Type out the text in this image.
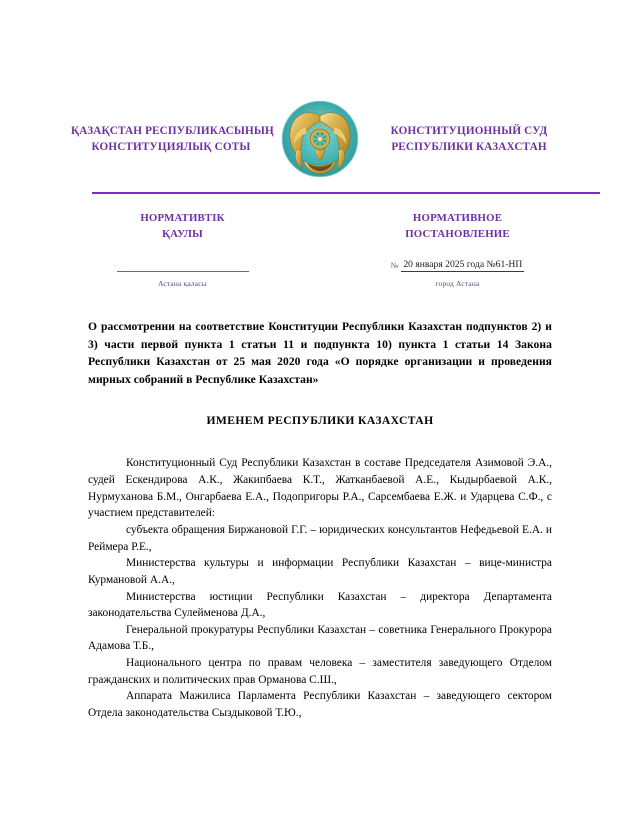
ҚАЗАҚСТАН РЕСПУБЛИКАСЫНЫҢ
КОНСТИТУЦИЯЛЫҚ СОТЫ
КОНСТИТУЦИОННЫЙ СУД
РЕСПУБЛИКИ КАЗАХСТАН
НОРМАТИВТІК
ҚАУЛЫ
Астана қаласы
НОРМАТИВНОЕ
ПОСТАНОВЛЕНИЕ
№ 20 января 2025 года №61-НП
город Астана
О рассмотрении на соответствие Конституции Республики Казахстан подпунктов 2) и 3) части первой пункта 1 статьи 11 и подпункта 10) пункта 1 статьи 14 Закона Республики Казахстан от 25 мая 2020 года «О порядке организации и проведения мирных собраний в Республике Казахстан»
ИМЕНЕМ РЕСПУБЛИКИ КАЗАХСТАН

Конституционный Суд Республики Казахстан в составе Председателя Азимовой Э.А., судей Ескендирова А.К., Жакипбаева К.Т., Жатканбаевой А.Е., Кыдырбаевой А.К., Нурмуханова Б.М., Онгарбаева Е.А., Подопригоры Р.А., Сарсембаева Е.Ж. и Ударцева С.Ф., с участием представителей:

субъекта обращения Биржановой Г.Г. – юридических консультантов Нефедьевой Е.А. и Реймера Р.Е.,

Министерства культуры и информации Республики Казахстан – вице-министра Курмановой А.А.,

Министерства юстиции Республики Казахстан – директора Департамента законодательства Сулейменова Д.А.,

Генеральной прокуратуры Республики Казахстан – советника Генерального Прокурора Адамова Т.Б.,

Национального центра по правам человека – заместителя заведующего Отделом гражданских и политических прав Орманова С.Ш.,

Аппарата Мажилиса Парламента Республики Казахстан – заведующего сектором Отдела законодательства Сыздыковой Т.Ю.,
